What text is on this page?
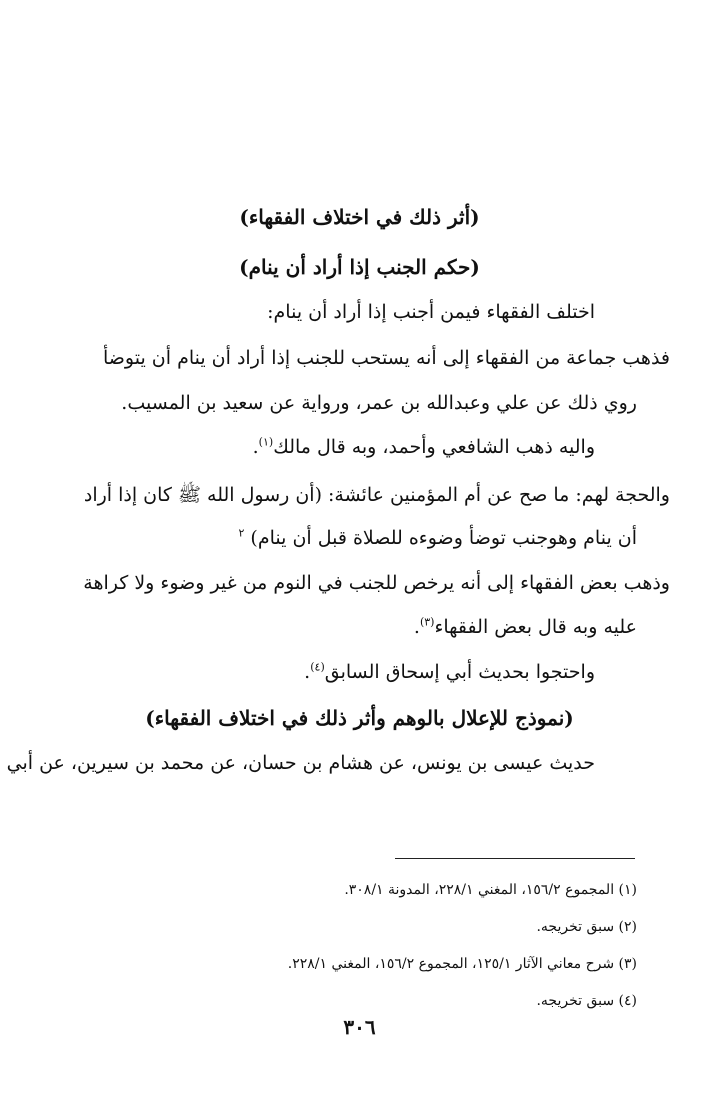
(أثر ذلك في اختلاف الفقهاء)

(حكم الجنب إذا أراد أن ينام)

اختلف الفقهاء فيمن أجنب إذا أراد أن ينام:

فذهب جماعة من الفقهاء إلى أنه يستحب للجنب إذا أراد أن ينام أن يتوضأ

روي ذلك عن علي وعبدالله بن عمر، ورواية عن سعيد بن المسيب.

واليه ذهب الشافعي وأحمد، وبه قال مالك$^{(١)}$.

والحجة لهم: ما صح عن أم المؤمنين عائشة: (أن رسول الله ﷺ كان إذا أراد

أن ينام وهوجنب توضأ وضوءه للصلاة قبل أن ينام) $^٢$

وذهب بعض الفقهاء إلى أنه يرخص للجنب في النوم من غير وضوء ولا كراهة

عليه وبه قال بعض الفقهاء$^{(٣)}$.

واحتجوا بحديث أبي إسحاق السابق$^{(٤)}$.

(نموذج للإعلال بالوهم وأثر ذلك في اختلاف الفقهاء)

حديث عيسى بن يونس، عن هشام بن حسان، عن محمد بن سيرين، عن أبي

(١) المجموع ١٥٦/٢، المغني ٢٢٨/١، المدونة ٣٠٨/١.

(٢) سبق تخريجه.

(٣) شرح معاني الآثار ١٢٥/١، المجموع ١٥٦/٢، المغني ٢٢٨/١.

(٤) سبق تخريجه.

٣٠٦
